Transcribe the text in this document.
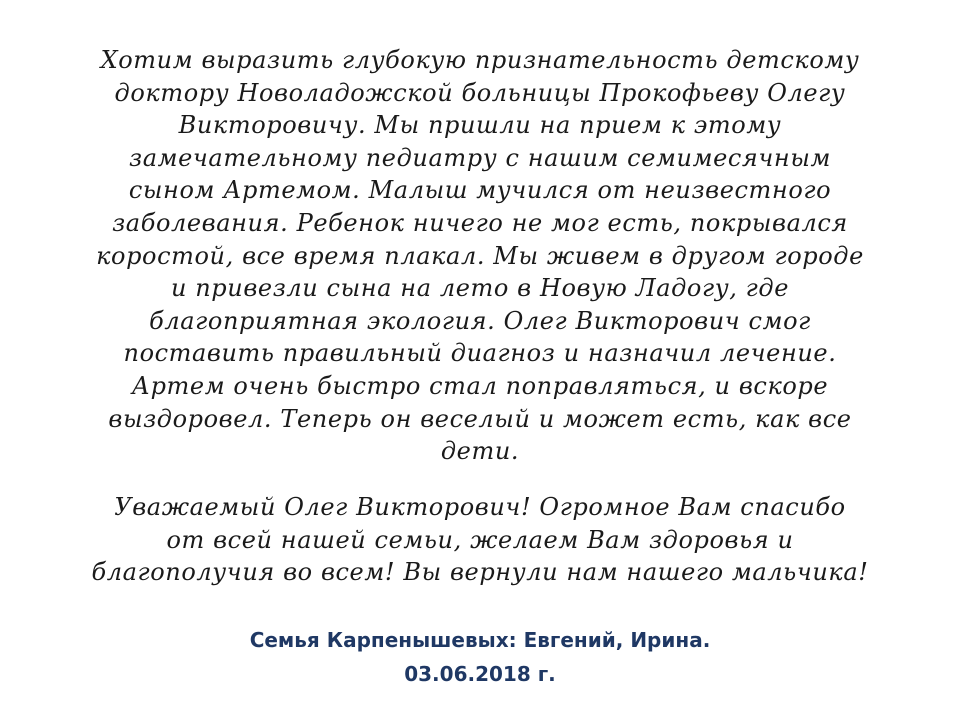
Хотим выразить глубокую признательность детскому
доктору Новоладожской больницы Прокофьеву Олегу
Викторовичу. Мы пришли на прием к этому
замечательному педиатру с нашим семимесячным
сыном Артемом. Малыш мучился от неизвестного
заболевания. Ребенок ничего не мог есть, покрывался
коростой, все время плакал. Мы живем в другом городе
и привезли сына на лето в Новую Ладогу, где
благоприятная экология. Олег Викторович смог
поставить правильный диагноз и назначил лечение.
Артем очень быстро стал поправляться, и вскоре
выздоровел. Теперь он веселый и может есть, как все
дети.
Уважаемый Олег Викторович! Огромное Вам спасибо
от всей нашей семьи, желаем Вам здоровья и
благополучия во всем! Вы вернули нам нашего мальчика!
Семья Карпенышевых: Евгений, Ирина.
03.06.2018 г.
